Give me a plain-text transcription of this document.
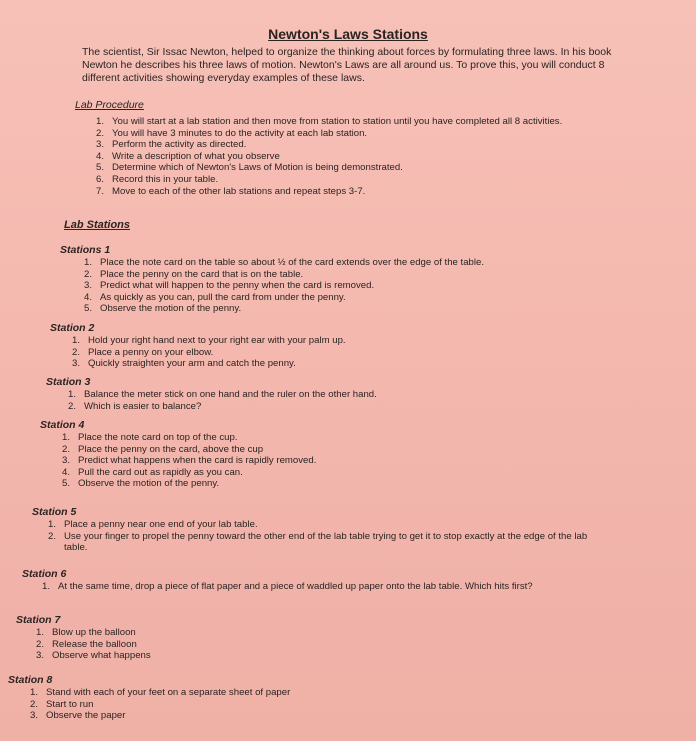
Newton's Laws Stations

The scientist, Sir Issac Newton, helped to organize the thinking about forces by formulating three laws. In his book Newton he describes his three laws of motion. Newton's Laws are all around us. To prove this, you will conduct 8 different activities showing everyday examples of these laws.

Lab Procedure
1. You will start at a lab station and then move from station to station until you have completed all 8 activities.
2. You will have 3 minutes to do the activity at each lab station.
3. Perform the activity as directed.
4. Write a description of what you observe
5. Determine which of Newton's Laws of Motion is being demonstrated.
6. Record this in your table.
7. Move to each of the other lab stations and repeat steps 3-7.
Lab Stations
Stations 1
1. Place the note card on the table so about ½ of the card extends over the edge of the table.
2. Place the penny on the card that is on the table.
3. Predict what will happen to the penny when the card is removed.
4. As quickly as you can, pull the card from under the penny.
5. Observe the motion of the penny.
Station 2
1. Hold your right hand next to your right ear with your palm up.
2. Place a penny on your elbow.
3. Quickly straighten your arm and catch the penny.
Station 3
1. Balance the meter stick on one hand and the ruler on the other hand.
2. Which is easier to balance?
Station 4
1. Place the note card on top of the cup.
2. Place the penny on the card, above the cup
3. Predict what happens when the card is rapidly removed.
4. Pull the card out as rapidly as you can.
5. Observe the motion of the penny.
Station 5
1. Place a penny near one end of your lab table.
2. Use your finger to propel the penny toward the other end of the lab table trying to get it to stop exactly at the edge of the lab table.
Station 6
1. At the same time, drop a piece of flat paper and a piece of waddled up paper onto the lab table. Which hits first?
Station 7
1. Blow up the balloon
2. Release the balloon
3. Observe what happens
Station 8
1. Stand with each of your feet on a separate sheet of paper
2. Start to run
3. Observe the paper
